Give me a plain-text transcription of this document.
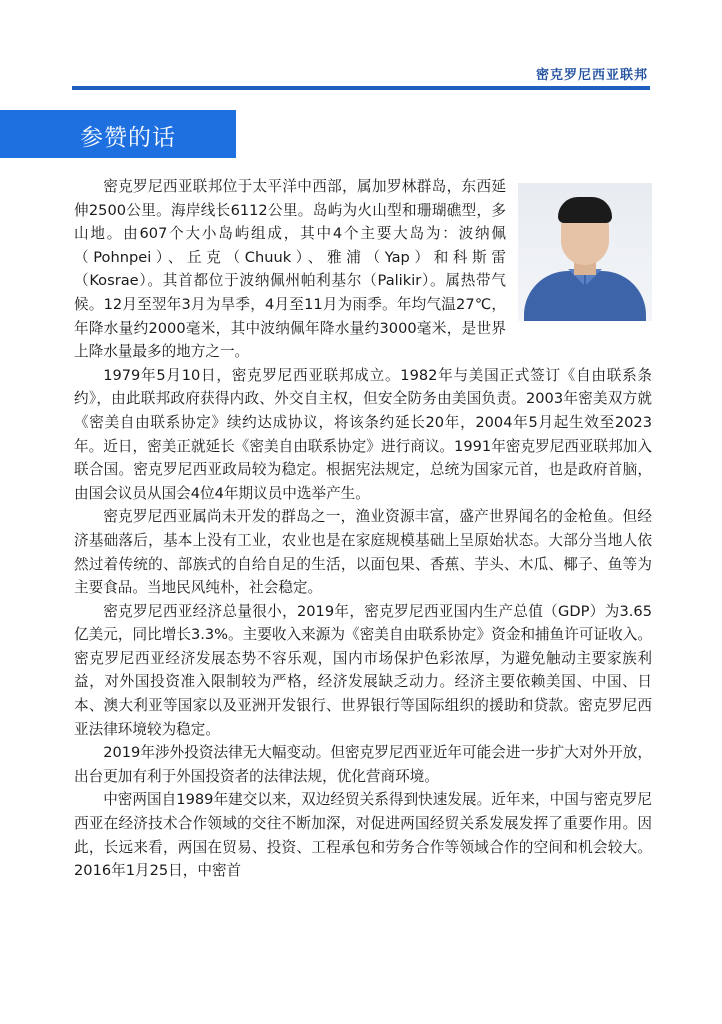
密克罗尼西亚联邦
参赞的话

密克罗尼西亚联邦位于太平洋中西部，属加罗林群岛，东西延伸2500公里。海岸线长6112公里。岛屿为火山型和珊瑚礁型，多山地。由607个大小岛屿组成，其中4个主要大岛为：波纳佩（Pohnpei）、丘克（Chuuk）、雅浦（Yap）和科斯雷（Kosrae）。其首都位于波纳佩州帕利基尔（Palikir）。属热带气候。12月至翌年3月为旱季，4月至11月为雨季。年均气温27℃，年降水量约2000毫米，其中波纳佩年降水量约3000毫米，是世界上降水量最多的地方之一。

1979年5月10日，密克罗尼西亚联邦成立。1982年与美国正式签订《自由联系条约》，由此联邦政府获得内政、外交自主权，但安全防务由美国负责。2003年密美双方就《密美自由联系协定》续约达成协议，将该条约延长20年，2004年5月起生效至2023年。近日，密美正就延长《密美自由联系协定》进行商议。1991年密克罗尼西亚联邦加入联合国。密克罗尼西亚政局较为稳定。根据宪法规定，总统为国家元首，也是政府首脑，由国会议员从国会4位4年期议员中选举产生。

密克罗尼西亚属尚未开发的群岛之一，渔业资源丰富，盛产世界闻名的金枪鱼。但经济基础落后，基本上没有工业，农业也是在家庭规模基础上呈原始状态。大部分当地人依然过着传统的、部族式的自给自足的生活，以面包果、香蕉、芋头、木瓜、椰子、鱼等为主要食品。当地民风纯朴，社会稳定。

密克罗尼西亚经济总量很小，2019年，密克罗尼西亚国内生产总值（GDP）为3.65亿美元，同比增长3.3%。主要收入来源为《密美自由联系协定》资金和捕鱼许可证收入。密克罗尼西亚经济发展态势不容乐观，国内市场保护色彩浓厚，为避免触动主要家族利益，对外国投资准入限制较为严格，经济发展缺乏动力。经济主要依赖美国、中国、日本、澳大利亚等国家以及亚洲开发银行、世界银行等国际组织的援助和贷款。密克罗尼西亚法律环境较为稳定。

2019年涉外投资法律无大幅变动。但密克罗尼西亚近年可能会进一步扩大对外开放，出台更加有利于外国投资者的法律法规，优化营商环境。

中密两国自1989年建交以来，双边经贸关系得到快速发展。近年来，中国与密克罗尼西亚在经济技术合作领域的交往不断加深，对促进两国经贸关系发展发挥了重要作用。因此，长远来看，两国在贸易、投资、工程承包和劳务合作等领域合作的空间和机会较大。2016年1月25日，中密首
